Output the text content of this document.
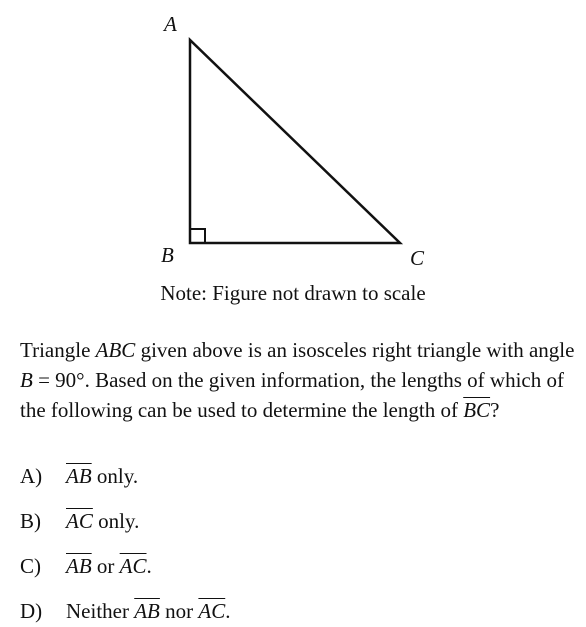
A
B	C
Note: Figure not drawn to scale
Triangle ABC given above is an isosceles right triangle with angle B = 90°. Based on the given information, the lengths of which of the following can be used to determine the length of $\overline{BC}$?
A) $\overline{AB}$ only.
B) $\overline{AC}$ only.
C) $\overline{AB}$ or $\overline{AC}$.
D) Neither $\overline{AB}$ nor $\overline{AC}$.
